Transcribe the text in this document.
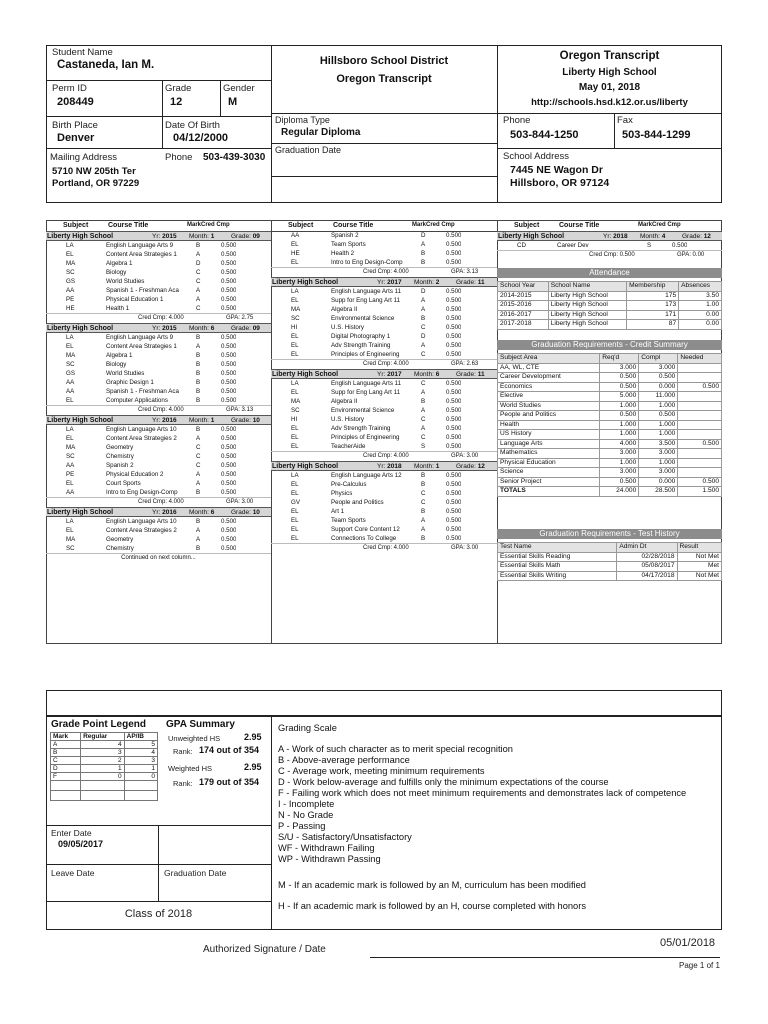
Student Name
Castaneda, Ian M.
Perm ID
208449
Grade
12
Gender
M
Birth Place
Denver
Date Of Birth
04/12/2000
Mailing Address	Phone 503-439-3030
5710 NW 205th Ter
Portland, OR 97229
Hillsboro School District
Oregon Transcript
Diploma Type
Regular Diploma
Graduation Date
Oregon Transcript
Liberty High School
May 01, 2018
http://schools.hsd.k12.or.us/liberty
Phone
503-844-1250
Fax
503-844-1299
School Address
7445 NE Wagon Dr
Hillsboro, OR 97124
Subject	Course Title	MarkCred Cmp
Liberty High School	Yr: 2015 Month: 1	Grade: 09
LA	English Language Arts 9	B	0.500
EL	Content Area Strategies 1	A	0.500
MA	Algebra 1	D	0.500
SC	Biology	C	0.500
GS	World Studies	C	0.500
AA	Spanish 1 - Freshman Aca	A	0.500
PE	Physical Education 1	A	0.500
HE	Health 1	C	0.500
Cred Cmp: 4.000	GPA: 2.75
Liberty High School	Yr: 2015 Month: 6	Grade: 09
LA	English Language Arts 9	B	0.500
EL	Content Area Strategies 1	A	0.500
MA	Algebra 1	B	0.500
SC	Biology	B	0.500
GS	World Studies	B	0.500
AA	Graphic Design 1	B	0.500
AA	Spanish 1 - Freshman Aca	B	0.500
EL	Computer Applications	B	0.500
Cred Cmp: 4.000	GPA: 3.13
Liberty High School	Yr: 2016 Month: 1	Grade: 10
LA	English Language Arts 10	B	0.500
EL	Content Area Strategies 2	A	0.500
MA	Geometry	C	0.500
SC	Chemistry	C	0.500
AA	Spanish 2	C	0.500
PE	Physical Education 2	A	0.500
EL	Court Sports	A	0.500
AA	Intro to Eng Design-Comp	B	0.500
Cred Cmp: 4.000	GPA: 3.00
Liberty High School	Yr: 2016 Month: 6	Grade: 10
LA	English Language Arts 10	B	0.500
EL	Content Area Strategies 2	A	0.500
MA	Geometry	A	0.500
SC	Chemistry	B	0.500
Continued on next column...
Subject	Course Title	MarkCred Cmp
AA	Spanish 2	D	0.500
EL	Team Sports	A	0.500
HE	Health 2	B	0.500
EL	Intro to Eng Design-Comp	B	0.500
Cred Cmp: 4.000	GPA: 3.13
Liberty High School	Yr: 2017 Month: 2	Grade: 11
LA	English Language Arts 11	D	0.500
EL	Supp for Eng Lang Art 11	A	0.500
MA	Algebra II	A	0.500
SC	Environmental Science	B	0.500
HI	U.S. History	C	0.500
EL	Digital Photography 1	D	0.500
EL	Adv Strength Training	A	0.500
EL	Principles of Engineering	C	0.500
Cred Cmp: 4.000	GPA: 2.63
Liberty High School	Yr: 2017 Month: 6	Grade: 11
LA	English Language Arts 11	C	0.500
EL	Supp for Eng Lang Art 11	A	0.500
MA	Algebra II	B	0.500
SC	Environmental Science	A	0.500
HI	U.S. History	C	0.500
EL	Adv Strength Training	A	0.500
EL	Principles of Engineering	C	0.500
EL	TeacherAide	S	0.500
Cred Cmp: 4.000	GPA: 3.00
Liberty High School	Yr: 2018 Month: 1	Grade: 12
LA	English Language Arts 12	B	0.500
EL	Pre-Calculus	B	0.500
EL	Physics	C	0.500
GV	People and Politics	C	0.500
EL	Art 1	B	0.500
EL	Team Sports	A	0.500
EL	Support Core Content 12	A	0.500
EL	Connections To College	B	0.500
Cred Cmp: 4.000	GPA: 3.00
Subject	Course Title	MarkCred Cmp
Liberty High School	Yr: 2018 Month: 4	Grade: 12
CD	Career Dev	S	0.500
Cred Cmp: 0.500	GPA: 0.00
Attendance
School Year	School Name	Membership	Absences
2014-2015	Liberty High School	175	3.50
2015-2016	Liberty High School	173	1.00
2016-2017	Liberty High School	171	0.00
2017-2018	Liberty High School	87	0.00
Graduation Requirements - Credit Summary
Subject Area	Req'd	Compl	Needed
AA, WL, CTE	3.000	3.000	
Career Development	0.500	0.500	
Economics	0.500	0.000	0.500
Elective	5.000	11.000	
World Studies	1.000	1.000	
People and Politics	0.500	0.500	
Health	1.000	1.000	
US History	1.000	1.000	
Language Arts	4.000	3.500	0.500
Mathematics	3.000	3.000	
Physical Education	1.000	1.000	
Science	3.000	3.000	
Senior Project	0.500	0.000	0.500
TOTALS	24.000	28.500	1.500
Graduation Requirements - Test History
Test Name	Admin Dt	Result
Essential Skills Reading	02/28/2018	Not Met
Essential Skills Math	05/08/2017	Met
Essential Skills Writing	04/17/2018	Not Met
Grade Point Legend
Mark	Regular	AP/IB
A	4	5
B	3	4
C	2	3
D	1	1
F	0	0

GPA Summary
Unweighted HS	2.95
Rank: 174 out of 354
Weighted HS	2.95
Rank: 179 out of 354
Enter Date
09/05/2017
Leave Date	Graduation Date
Class of 2018
Grading Scale
A - Work of such character as to merit special recognition
B - Above-average performance
C - Average work, meeting minimum requirements
D - Work below-average and fulfills only the minimum expectations of the course
F - Failing work which does not meet minimum requirements and demonstrates lack of competence
I - Incomplete
N - No Grade
P - Passing
S/U - Satisfactory/Unsatisfactory
WF - Withdrawn Failing
WP - Withdrawn Passing
M - If an academic mark is followed by an M, curriculum has been modified
H - If an academic mark is followed by an H, course completed with honors
Authorized Signature / Date
05/01/2018
Page 1 of 1
